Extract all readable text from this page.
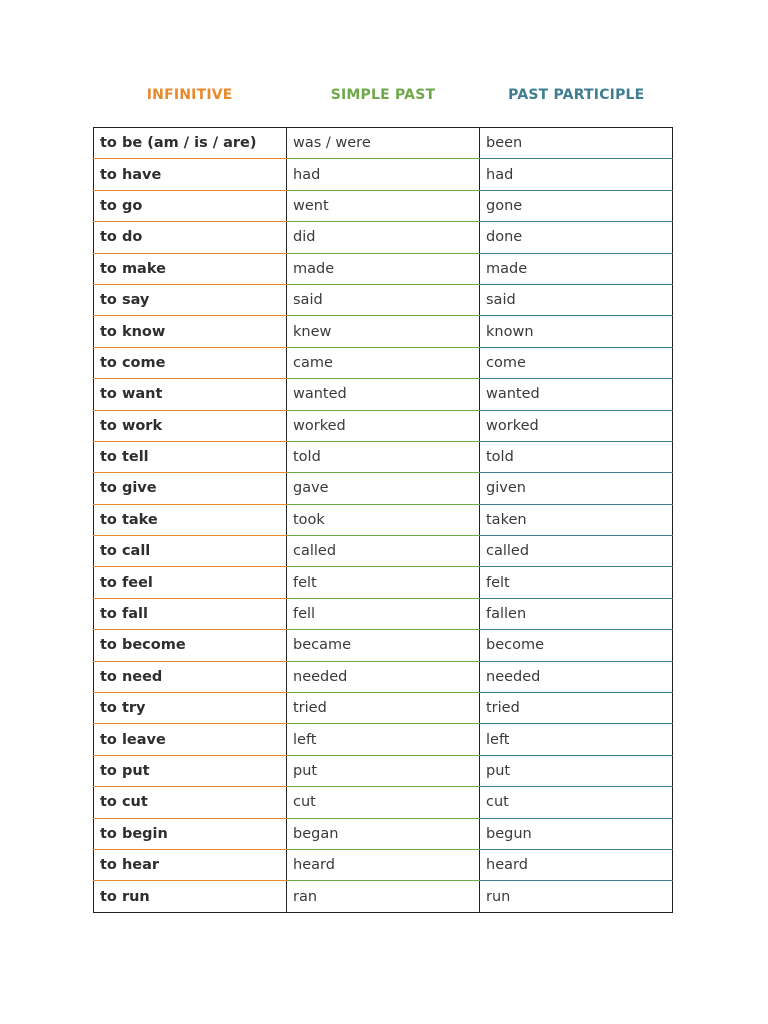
INFINITIVE	SIMPLE PAST	PAST PARTICIPLE
to be (am / is / are)	was / were	been
to have	had	had
to go	went	gone
to do	did	done
to make	made	made
to say	said	said
to know	knew	known
to come	came	come
to want	wanted	wanted
to work	worked	worked
to tell	told	told
to give	gave	given
to take	took	taken
to call	called	called
to feel	felt	felt
to fall	fell	fallen
to become	became	become
to need	needed	needed
to try	tried	tried
to leave	left	left
to put	put	put
to cut	cut	cut
to begin	began	begun
to hear	heard	heard
to run	ran	run
